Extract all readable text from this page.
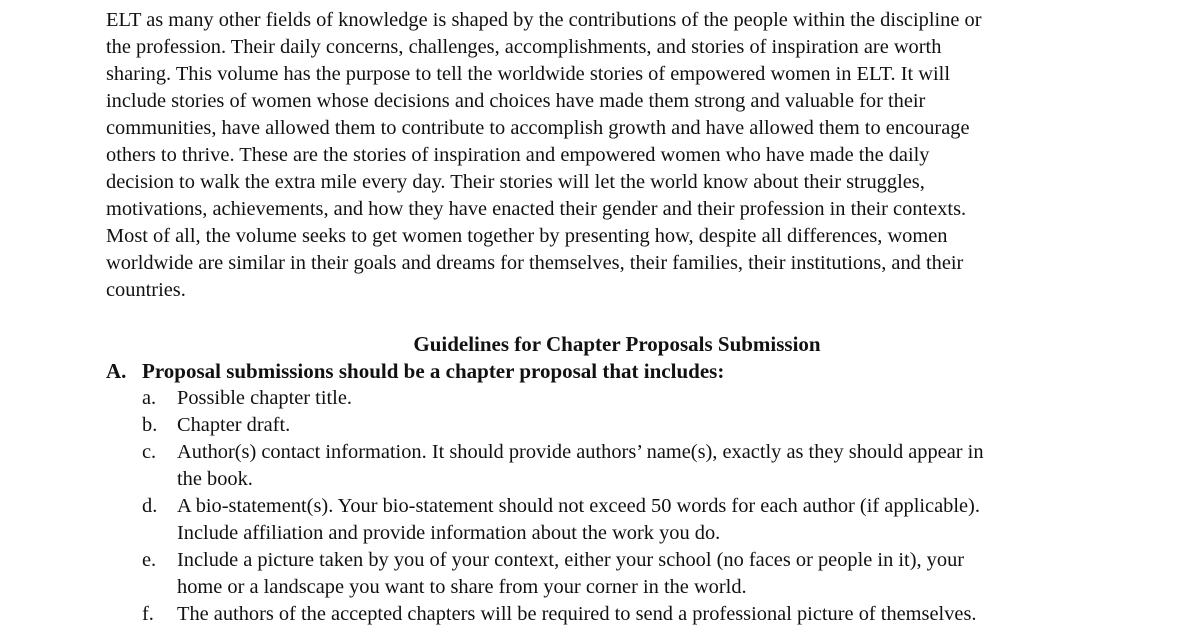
ELT as many other fields of knowledge is shaped by the contributions of the people within the discipline or
the profession. Their daily concerns, challenges, accomplishments, and stories of inspiration are worth
sharing. This volume has the purpose to tell the worldwide stories of empowered women in ELT. It will
include stories of women whose decisions and choices have made them strong and valuable for their
communities, have allowed them to contribute to accomplish growth and have allowed them to encourage
others to thrive. These are the stories of inspiration and empowered women who have made the daily
decision to walk the extra mile every day. Their stories will let the world know about their struggles,
motivations, achievements, and how they have enacted their gender and their profession in their contexts.
Most of all, the volume seeks to get women together by presenting how, despite all differences, women
worldwide are similar in their goals and dreams for themselves, their families, their institutions, and their
countries.
Guidelines for Chapter Proposals Submission
A. Proposal submissions should be a chapter proposal that includes:
a. Possible chapter title.
b. Chapter draft.
c. Author(s) contact information. It should provide authors’ name(s), exactly as they should appear in
the book.
d. A bio-statement(s). Your bio-statement should not exceed 50 words for each author (if applicable).
Include affiliation and provide information about the work you do.
e. Include a picture taken by you of your context, either your school (no faces or people in it), your
home or a landscape you want to share from your corner in the world.
f. The authors of the accepted chapters will be required to send a professional picture of themselves.
